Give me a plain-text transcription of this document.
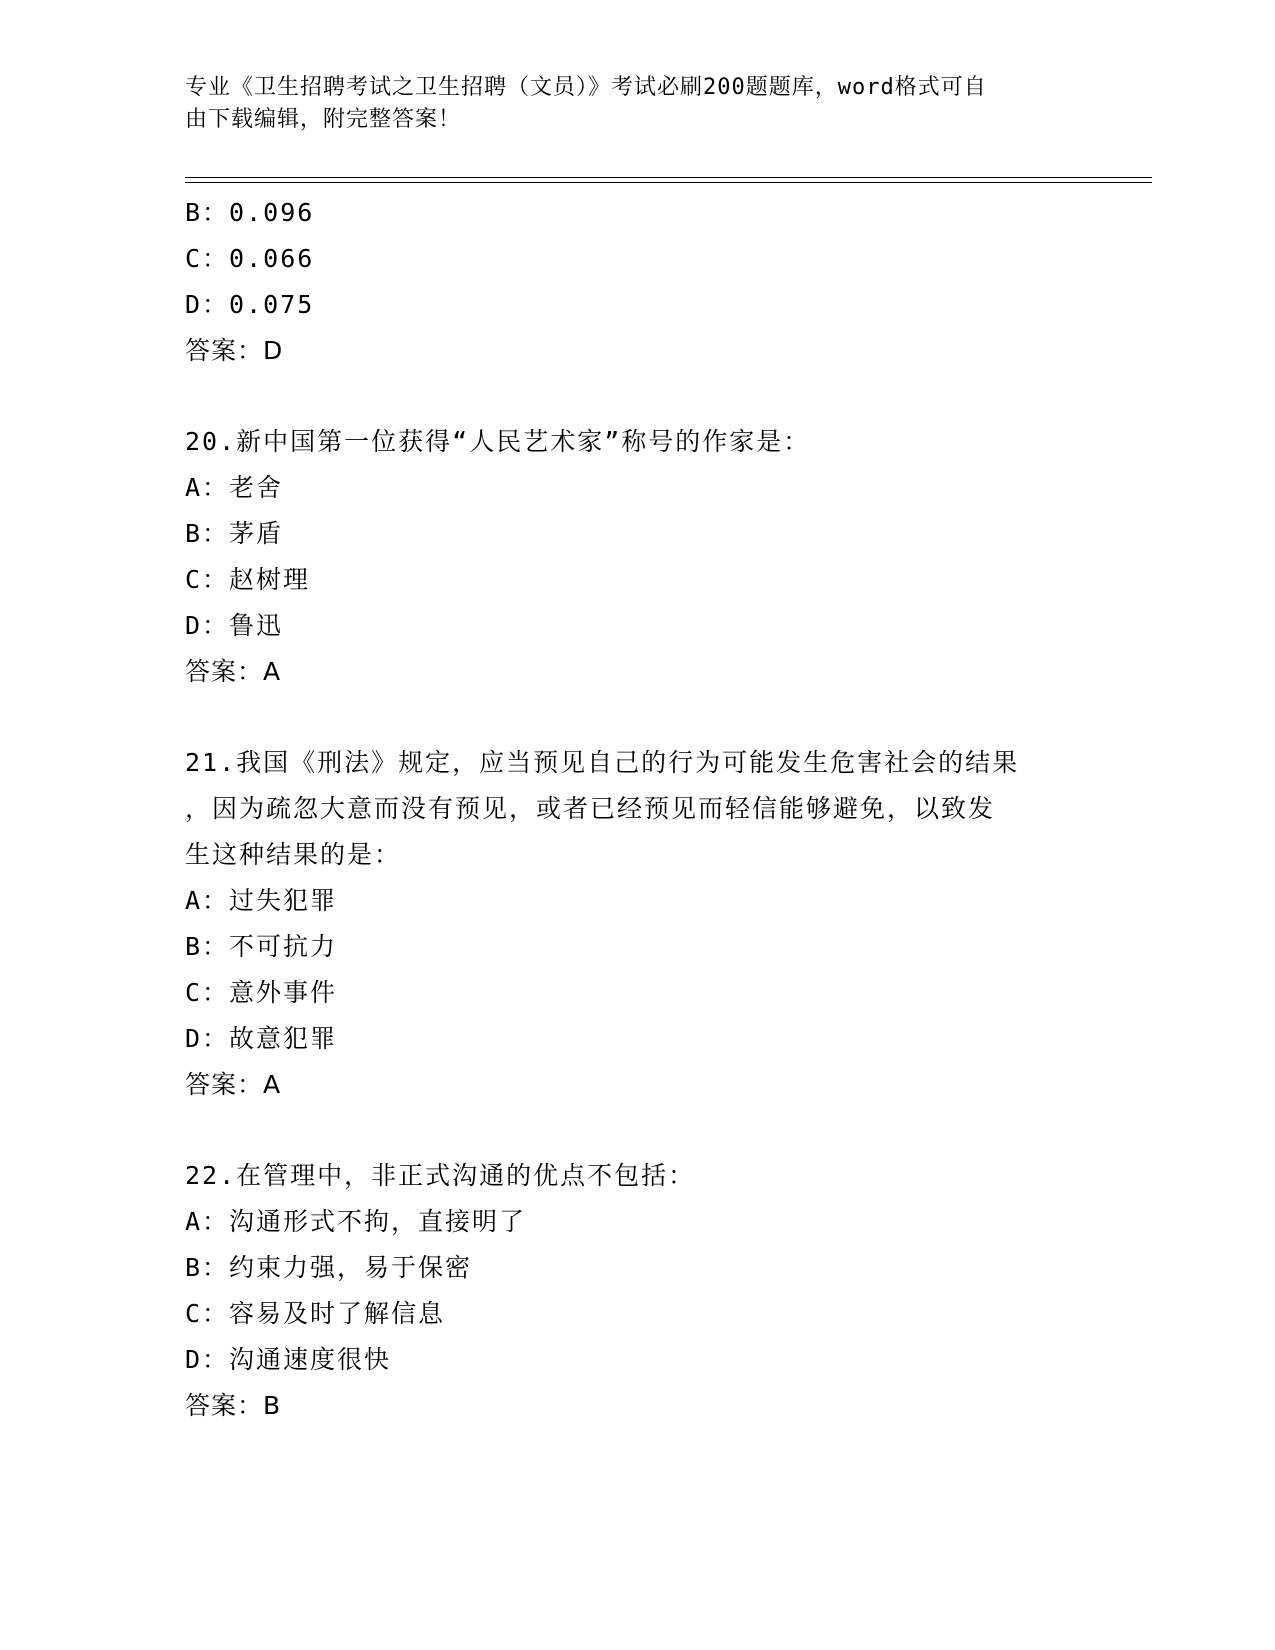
专业《卫生招聘考试之卫生招聘（文员）》考试必刷200题题库，word格式可自
由下载编辑，附完整答案！
B：0.096
C：0.066
D：0.075
答案：D
20.新中国第一位获得“人民艺术家”称号的作家是：
A：老舍
B：茅盾
C：赵树理
D：鲁迅
答案：A
21.我国《刑法》规定，应当预见自己的行为可能发生危害社会的结果
，因为疏忽大意而没有预见，或者已经预见而轻信能够避免，以致发
生这种结果的是：
A：过失犯罪
B：不可抗力
C：意外事件
D：故意犯罪
答案：A
22.在管理中，非正式沟通的优点不包括：
A：沟通形式不拘，直接明了
B：约束力强，易于保密
C：容易及时了解信息
D：沟通速度很快
答案：B
